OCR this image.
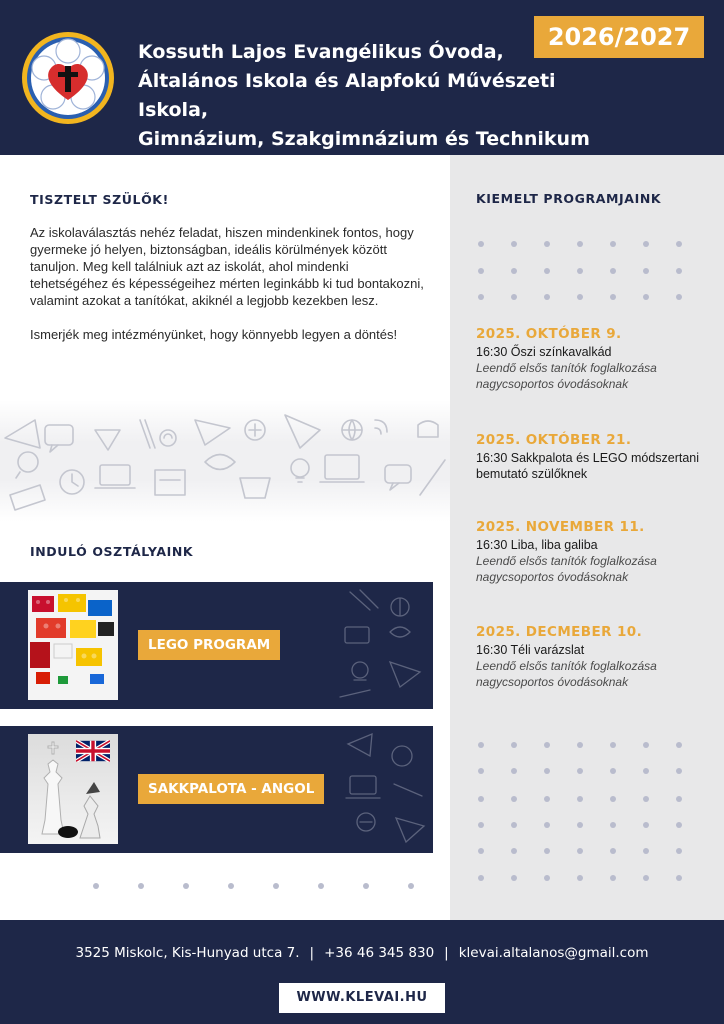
Kossuth Lajos Evangélikus Óvoda,
Általános Iskola és Alapfokú Művészeti Iskola,
Gimnázium, Szakgimnázium és Technikum
2026/2027
TISZTELT SZÜLŐK!

Az iskolaválasztás nehéz feladat, hiszen mindenkinek fontos, hogy gyermeke jó helyen, biztonságban, ideális körülmények között tanuljon. Meg kell találniuk azt az iskolát, ahol mindenki tehetségéhez és képességeihez mérten leginkább ki tud bontakozni, valamint azokat a tanítókat, akiknél a legjobb kezekben lesz.

Ismerjék meg intézményünket, hogy könnyebb legyen a döntés!

INDULÓ OSZTÁLYAINK
LEGO PROGRAM
SAKKPALOTA - ANGOL
KIEMELT PROGRAMJAINK
2025. OKTÓBER 9.
16:30 Őszi színkavalkád
Leendő elsős tanítók foglalkozása nagycsoportos óvodásoknak
2025. OKTÓBER 21.
16:30 Sakkpalota és LEGO módszertani bemutató szülőknek
2025. NOVEMBER 11.
16:30 Liba, liba galiba
Leendő elsős tanítók foglalkozása nagycsoportos óvodásoknak
2025. DECMEBER 10.
16:30 Téli varázslat
Leendő elsős tanítók foglalkozása nagycsoportos óvodásoknak
3525 Miskolc, Kis-Hunyad utca 7. | +36 46 345 830 | klevai.altalanos@gmail.com
WWW.KLEVAI.HU
